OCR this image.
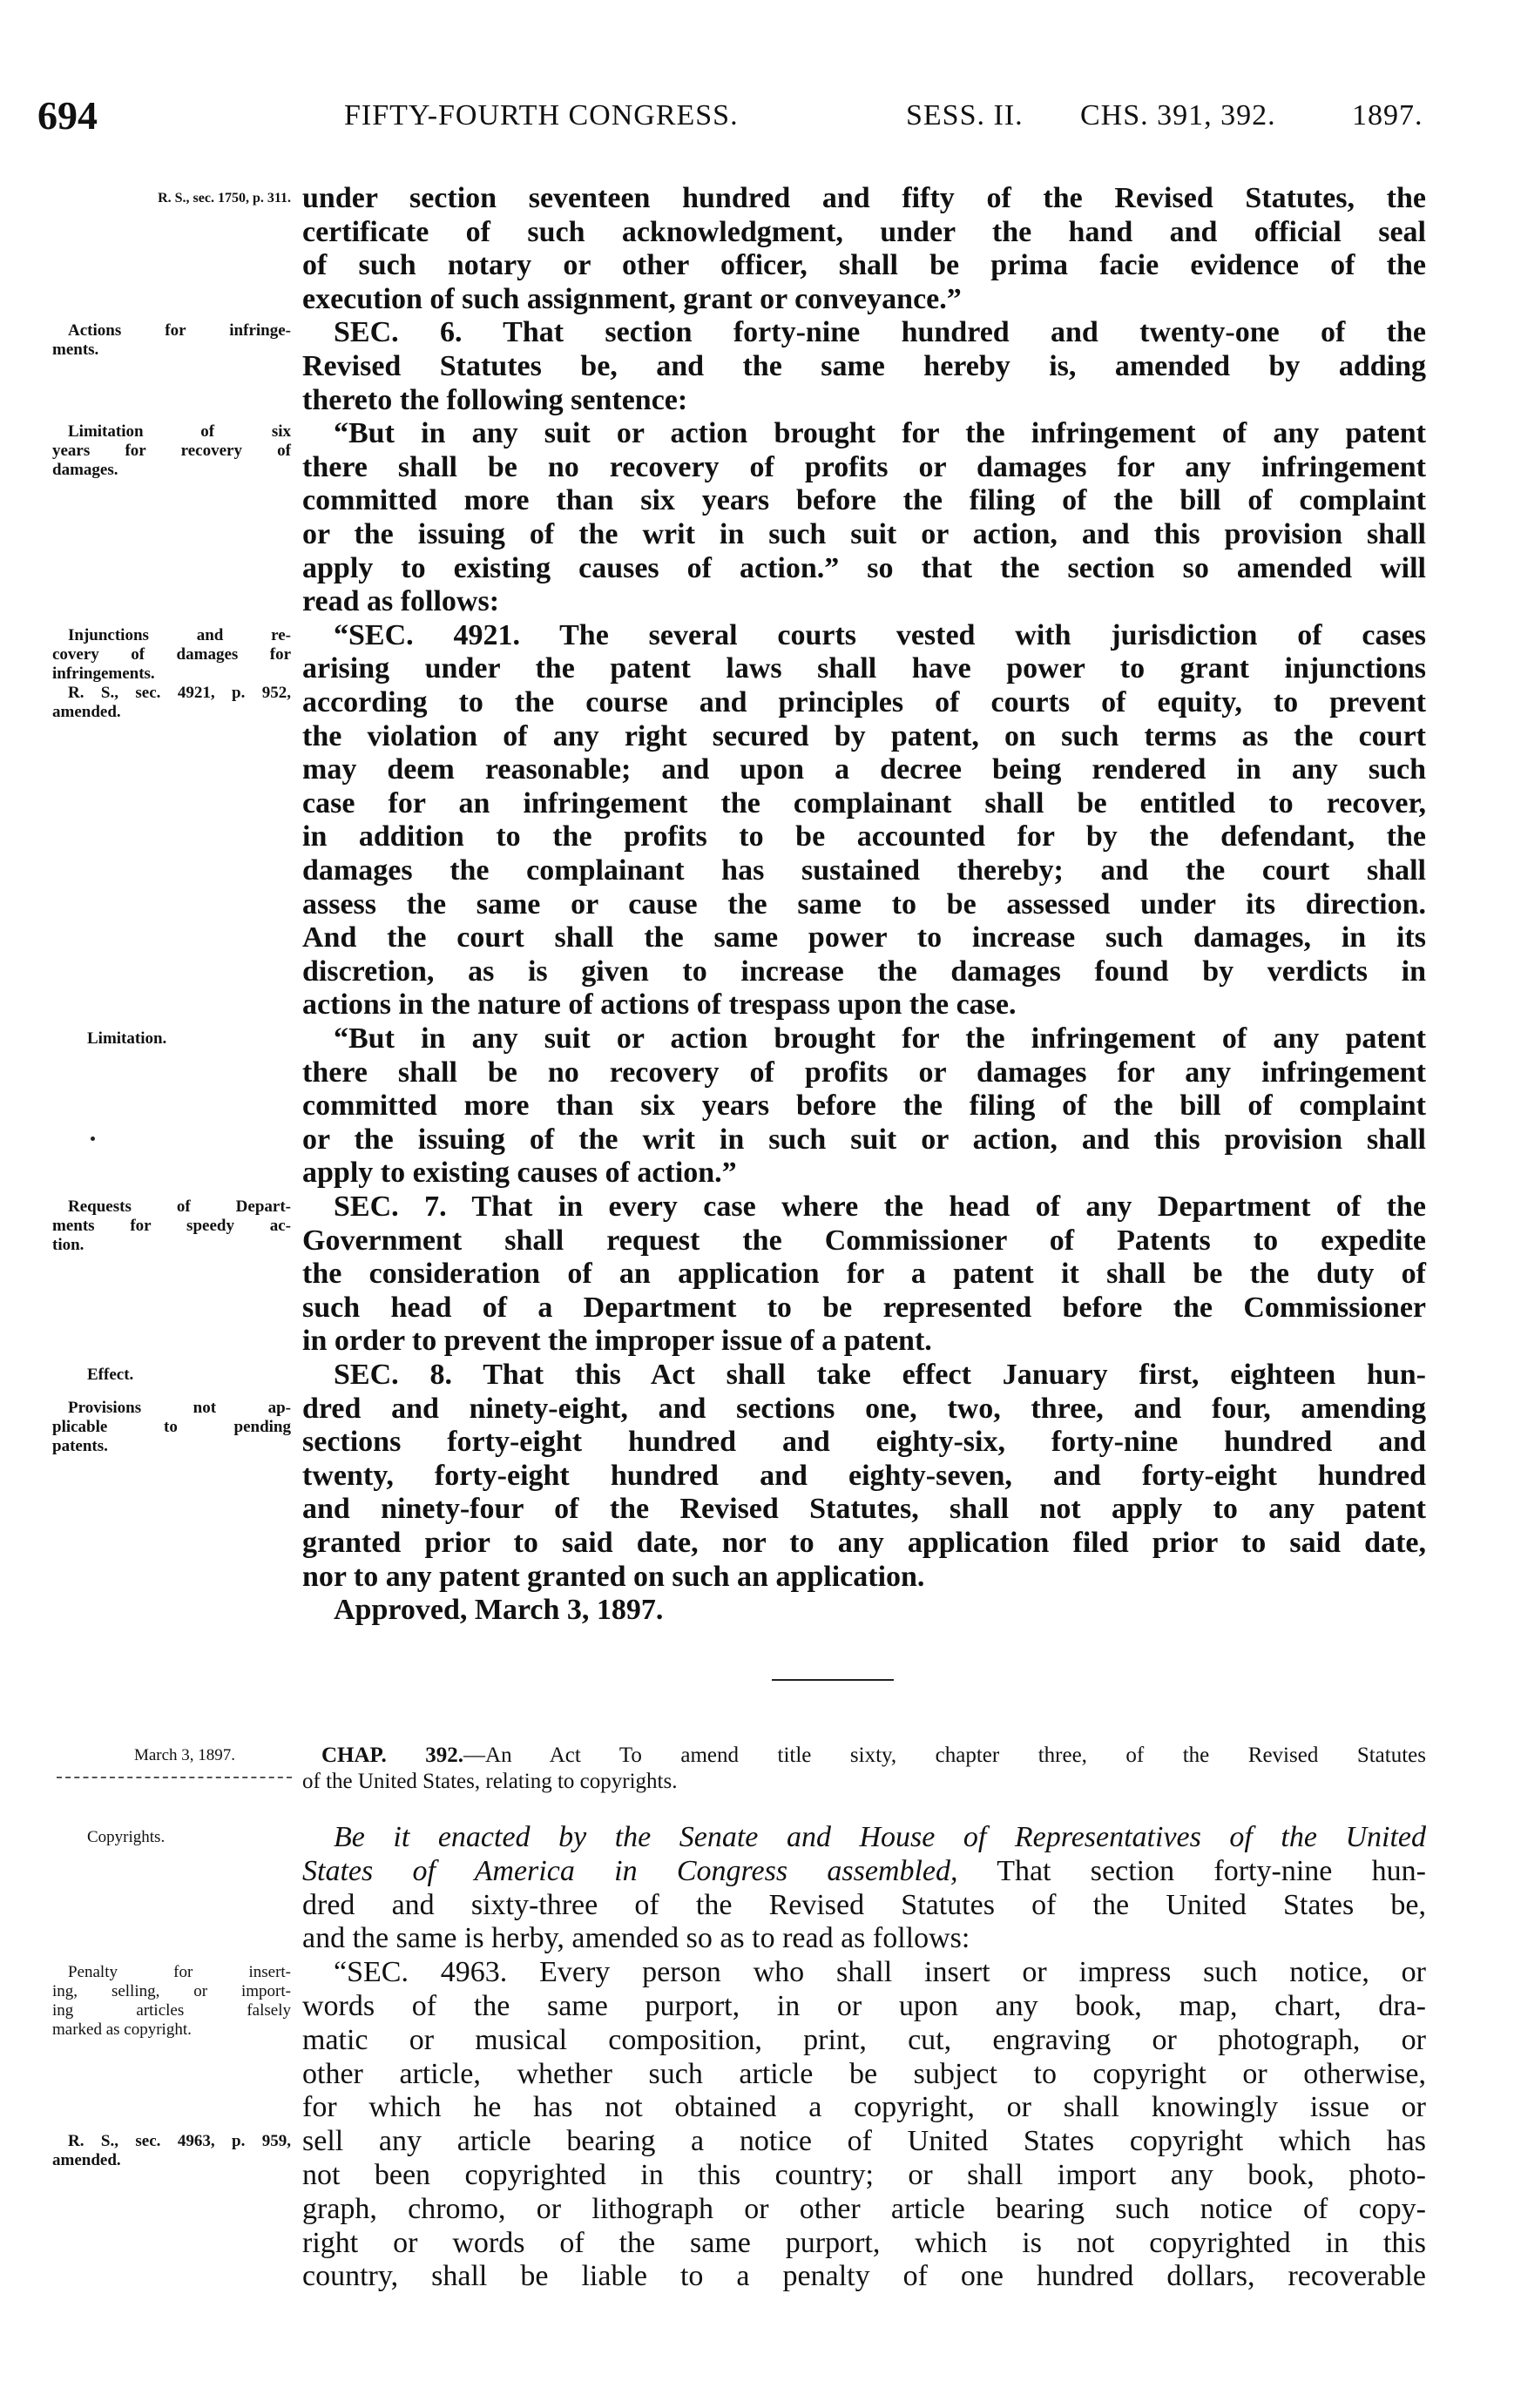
694	FIFTY-FOURTH CONGRESS.	SESS. II. CHS. 391, 392.	1897.
under section seventeen hundred and fifty of the Revised Statutes, the
certificate of such acknowledgment, under the hand and official seal
of such notary or other officer, shall be prima facie evidence of the
execution of such assignment, grant or conveyance.”
SEC. 6. That section forty-nine hundred and twenty-one of the
Revised Statutes be, and the same hereby is, amended by adding
thereto the following sentence:
“But in any suit or action brought for the infringement of any patent
there shall be no recovery of profits or damages for any infringement
committed more than six years before the filing of the bill of complaint
or the issuing of the writ in such suit or action, and this provision shall
apply to existing causes of action.” so that the section so amended will
read as follows:
“SEC. 4921. The several courts vested with jurisdiction of cases
arising under the patent laws shall have power to grant injunctions
according to the course and principles of courts of equity, to prevent
the violation of any right secured by patent, on such terms as the court
may deem reasonable; and upon a decree being rendered in any such
case for an infringement the complainant shall be entitled to recover,
in addition to the profits to be accounted for by the defendant, the
damages the complainant has sustained thereby; and the court shall
assess the same or cause the same to be assessed under its direction.
And the court shall the same power to increase such damages, in its
discretion, as is given to increase the damages found by verdicts in
actions in the nature of actions of trespass upon the case.
“But in any suit or action brought for the infringement of any patent
there shall be no recovery of profits or damages for any infringement
committed more than six years before the filing of the bill of complaint
or the issuing of the writ in such suit or action, and this provision shall
apply to existing causes of action.”
SEC. 7. That in every case where the head of any Department of the
Government shall request the Commissioner of Patents to expedite
the consideration of an application for a patent it shall be the duty of
such head of a Department to be represented before the Commissioner
in order to prevent the improper issue of a patent.
SEC. 8. That this Act shall take effect January first, eighteen hun-
dred and ninety-eight, and sections one, two, three, and four, amending
sections forty-eight hundred and eighty-six, forty-nine hundred and
twenty, forty-eight hundred and eighty-seven, and forty-eight hundred
and ninety-four of the Revised Statutes, shall not apply to any patent
granted prior to said date, nor to any application filed prior to said date,
nor to any patent granted on such an application.
Approved, March 3, 1897.
March 3, 1897.	CHAP. 392.—An Act To amend title sixty, chapter three, of the Revised Statutes
of the United States, relating to copyrights.
Be it enacted by the Senate and House of Representatives of the United
States of America in Congress assembled, That section forty-nine hun-
dred and sixty-three of the Revised Statutes of the United States be,
and the same is herby, amended so as to read as follows:
“SEC. 4963. Every person who shall insert or impress such notice, or
words of the same purport, in or upon any book, map, chart, dra-
matic or musical composition, print, cut, engraving or photograph, or
other article, whether such article be subject to copyright or otherwise,
for which he has not obtained a copyright, or shall knowingly issue or
sell any article bearing a notice of United States copyright which has
not been copyrighted in this country; or shall import any book, photo-
graph, chromo, or lithograph or other article bearing such notice of copy-
right or words of the same purport, which is not copyrighted in this
country, shall be liable to a penalty of one hundred dollars, recoverable
R. S., sec. 1750, p. 311.
Actions for infringe-
ments.
Limitation of six
years for recovery of
damages.
Injunctions and re-
covery of damages for
infringements.
R. S., sec. 4921, p. 952,
amended.
Limitation.
Requests of Depart-
ments for speedy ac-
tion.
Effect.
Provisions not ap-
plicable to pending
patents.
Copyrights.
Penalty for insert-
ing, selling, or import-
ing articles falsely
marked as copyright.
R. S., sec. 4963, p. 959,
amended.
